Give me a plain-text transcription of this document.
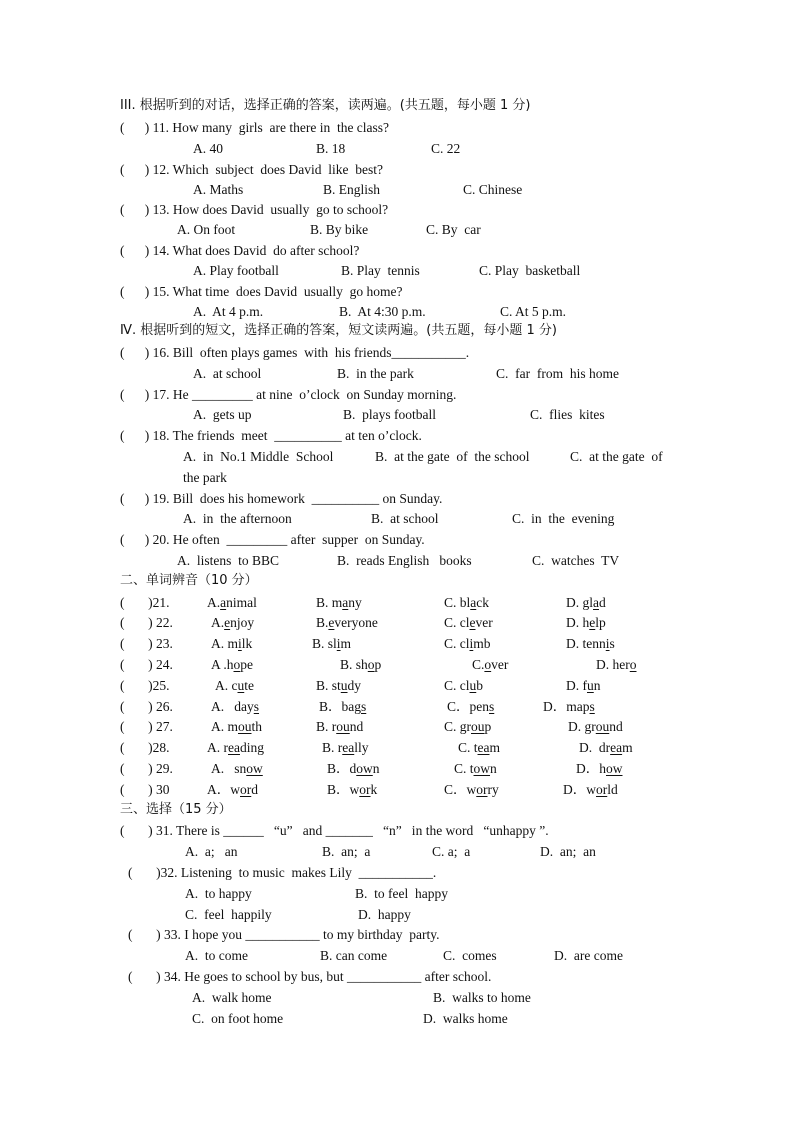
III. 根据听到的对话，选择正确的答案，读两遍。(共五题，每小题 1 分)
(      ) 11. How many  girls  are there in  the class?
A. 40	B. 18	C. 22
(      ) 12. Which  subject  does David  like  best?
A. Maths	B. English	C. Chinese
(      ) 13. How does David  usually  go to school?
A. On foot	B. By bike	C. By  car
(      ) 14. What does David  do after school?
A. Play football	B. Play  tennis	C. Play  basketball
(      ) 15. What time  does David  usually  go home?
A.  At 4 p.m.	B.  At 4:30 p.m.	C. At 5 p.m.
Ⅳ. 根据听到的短文，选择正确的答案，短文读两遍。(共五题，每小题 1 分)
(      ) 16. Bill  often plays games  with  his friends___________.
A.  at school	B.  in the park	C.  far  from  his home
(      ) 17. He _________ at nine  o’clock  on Sunday morning.
A.  gets up	B.  plays football	C.  flies  kites
(      ) 18. The friends  meet  __________ at ten o’clock.
A.  in  No.1 Middle  School	B.  at the gate  of  the school	C.  at the gate  of
the park
(      ) 19. Bill  does his homework  __________ on Sunday.
A.  in  the afternoon	B.  at school	C.  in  the  evening
(      ) 20. He often  _________ after  supper  on Sunday.
A.  listens  to BBC	B.  reads English   books	C.  watches  TV
二、单词辨音（10 分）
(       )21.	A.animal	B. many	C. black	D. glad
(       ) 22.	A.enjoy	B.everyone	C. clever	D. help
(       ) 23.	A. milk	B. slim	C. climb	D. tennis
(       ) 24.	A .hope	B. shop	C.over	D. hero
(       )25.	A. cute	B. study	C. club	D. fun
(       ) 26.	A.   days	B．bags	C．pens	D．maps
(       ) 27.	A. mouth	B. round	C. group	D. ground
(       )28.	A. reading	B. really	C. team	D.  dream
(       ) 29.	A.   snow	B．down	C. town	D．how
(       ) 30	A．word	B．work	C．worry	D．world
三、选择（15 分）
(       ) 31. There is ______   “u”   and _______   “n”   in the word   “unhappy ”.
A.  a;   an	B.  an;  a	C. a;  a	D.  an;  an
(       )32. Listening  to music  makes Lily  ___________.
A.  to happy	B.  to feel  happy
C.  feel  happily	D.  happy
(       ) 33. I hope you ___________ to my birthday  party.
A.  to come	B. can come	C.  comes	D.  are come
(       ) 34. He goes to school by bus, but ___________ after school.
A.  walk home	B.  walks to home
C.  on foot home	D.  walks home
